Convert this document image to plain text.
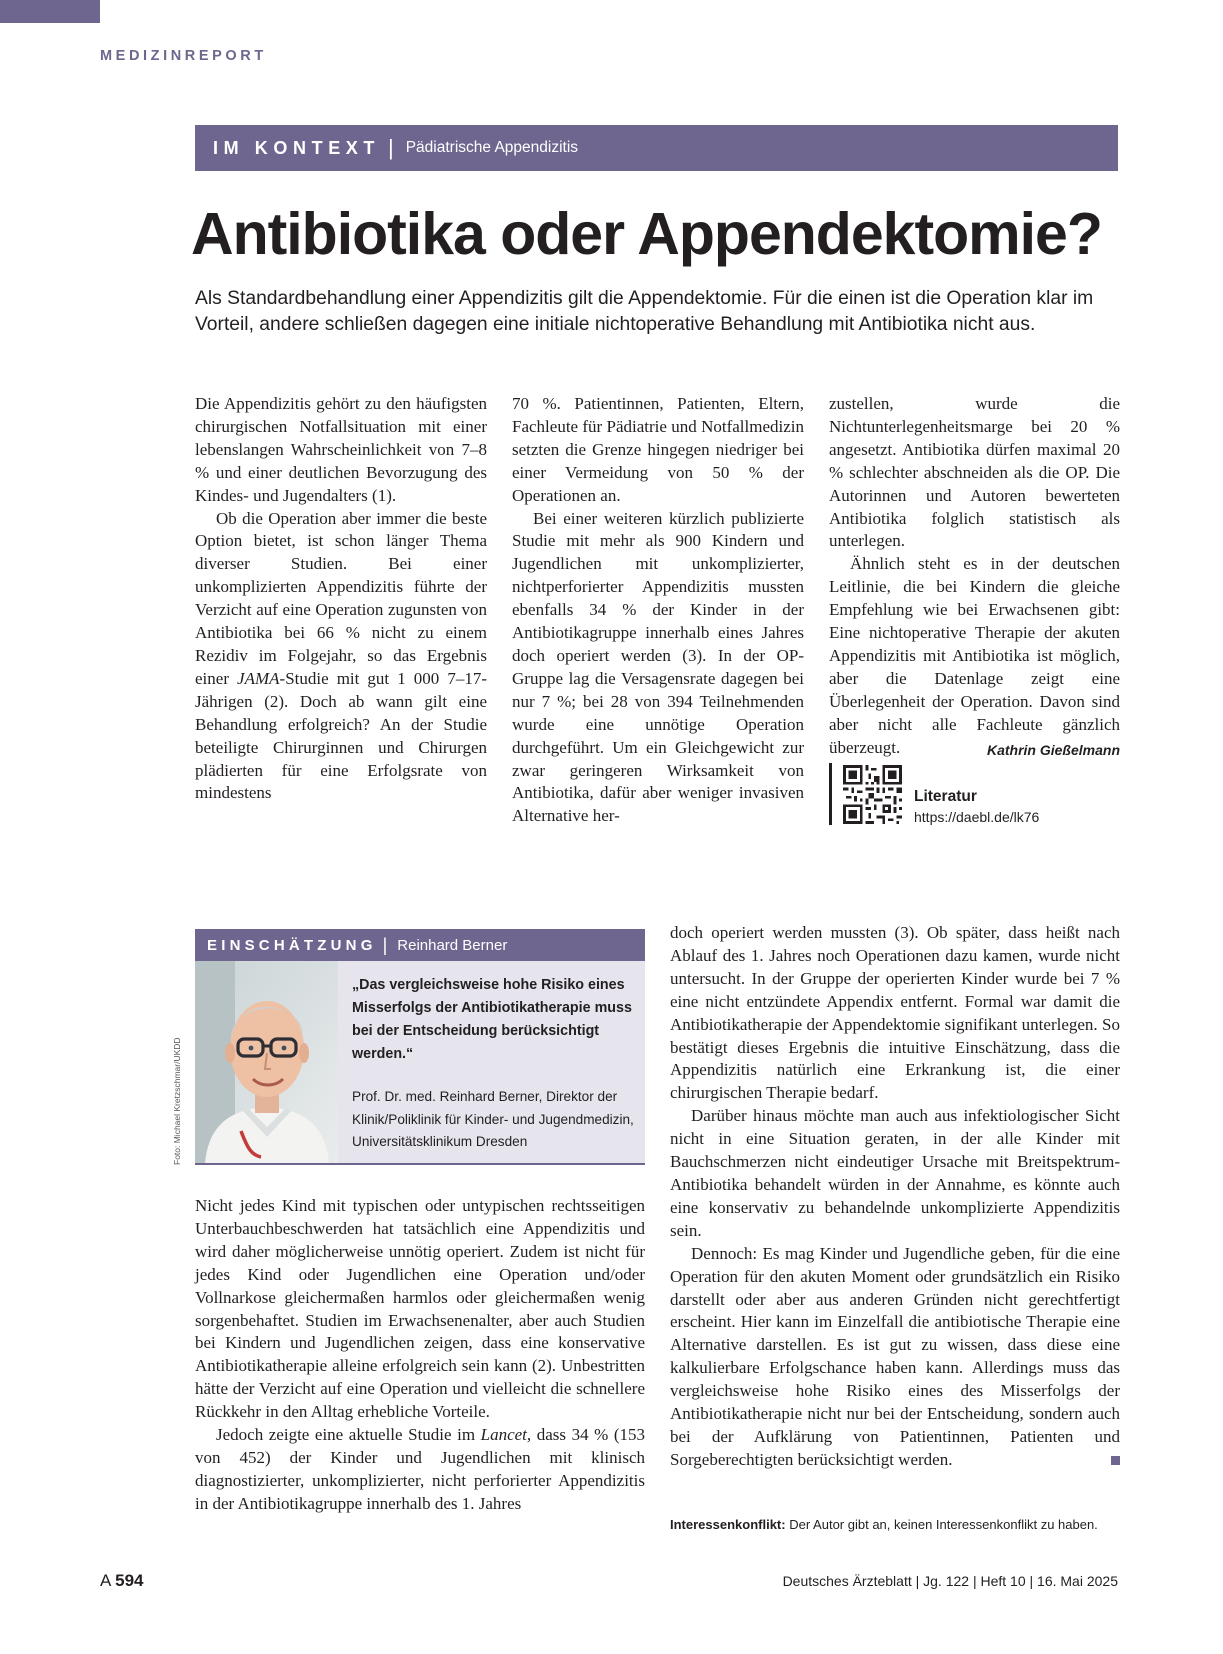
MEDIZINREPORT
IM KONTEXT | Pädiatrische Appendizitis
Antibiotika oder Appendektomie?
Als Standardbehandlung einer Appendizitis gilt die Appendektomie. Für die einen ist die Operation klar im Vorteil, andere schließen dagegen eine initiale nichtoperative Behandlung mit Antibiotika nicht aus.

Die Appendizitis gehört zu den häufigsten chirurgischen Notfallsituation mit einer lebenslangen Wahrscheinlichkeit von 7–8 % und einer deutlichen Bevorzugung des Kindes- und Jugendalters (1).

Ob die Operation aber immer die beste Option bietet, ist schon länger Thema diverser Studien. Bei einer unkomplizierten Appendizitis führte der Verzicht auf eine Operation zugunsten von Antibiotika bei 66 % nicht zu einem Rezidiv im Folgejahr, so das Ergebnis einer JAMA-Studie mit gut 1 000 7–17-Jährigen (2). Doch ab wann gilt eine Behandlung erfolgreich? An der Studie beteiligte Chirurginnen und Chirurgen plädierten für eine Erfolgsrate von mindestens

70 %. Patientinnen, Patienten, Eltern, Fachleute für Pädiatrie und Notfallmedizin setzten die Grenze hingegen niedriger bei einer Vermeidung von 50 % der Operationen an.

Bei einer weiteren kürzlich publizierte Studie mit mehr als 900 Kindern und Jugendlichen mit unkomplizierter, nichtperforierter Appendizitis mussten ebenfalls 34 % der Kinder in der Antibiotikagruppe innerhalb eines Jahres doch operiert werden (3). In der OP-Gruppe lag die Versagensrate dagegen bei nur 7 %; bei 28 von 394 Teilnehmenden wurde eine unnötige Operation durchgeführt. Um ein Gleichgewicht zur zwar geringeren Wirksamkeit von Antibiotika, dafür aber weniger invasiven Alternative her-

zustellen, wurde die Nichtunterlegenheitsmarge bei 20 % angesetzt. Antibiotika dürfen maximal 20 % schlechter abschneiden als die OP. Die Autorinnen und Autoren bewerteten Antibiotika folglich statistisch als unterlegen.

Ähnlich steht es in der deutschen Leitlinie, die bei Kindern die gleiche Empfehlung wie bei Erwachsenen gibt: Eine nichtoperative Therapie der akuten Appendizitis mit Antibiotika ist möglich, aber die Datenlage zeigt eine Überlegenheit der Operation. Davon sind aber nicht alle Fachleute gänzlich überzeugt.	Kathrin Gießelmann

Literatur
https://daebl.de/lk76
EINSCHÄTZUNG | Reinhard Berner
Foto: Michael Kretzschmar/UKDD
„Das vergleichsweise hohe Risiko eines Misserfolgs der Antibiotikatherapie muss bei der Entscheidung berücksichtigt werden.“
Prof. Dr. med. Reinhard Berner, Direktor der Klinik/Poliklinik für Kinder- und Jugendmedizin, Universitätsklinikum Dresden

Nicht jedes Kind mit typischen oder untypischen rechtsseitigen Unterbauchbeschwerden hat tatsächlich eine Appendizitis und wird daher möglicherweise unnötig operiert. Zudem ist nicht für jedes Kind oder Jugendlichen eine Operation und/oder Vollnarkose gleichermaßen harmlos oder gleichermaßen wenig sorgenbehaftet. Studien im Erwachsenenalter, aber auch Studien bei Kindern und Jugendlichen zeigen, dass eine konservative Antibiotikatherapie alleine erfolgreich sein kann (2). Unbestritten hätte der Verzicht auf eine Operation und vielleicht die schnellere Rückkehr in den Alltag erhebliche Vorteile.

Jedoch zeigte eine aktuelle Studie im Lancet, dass 34 % (153 von 452) der Kinder und Jugendlichen mit klinisch diagnostizierter, unkomplizierter, nicht perforierter Appendizitis in der Antibiotikagruppe innerhalb des 1. Jahres

doch operiert werden mussten (3). Ob später, dass heißt nach Ablauf des 1. Jahres noch Operationen dazu kamen, wurde nicht untersucht. In der Gruppe der operierten Kinder wurde bei 7 % eine nicht entzündete Appendix entfernt. Formal war damit die Antibiotikatherapie der Appendektomie signifikant unterlegen. So bestätigt dieses Ergebnis die intuitive Einschätzung, dass die Appendizitis natürlich eine Erkrankung ist, die einer chirurgischen Therapie bedarf.

Darüber hinaus möchte man auch aus infektiologischer Sicht nicht in eine Situation geraten, in der alle Kinder mit Bauchschmerzen nicht eindeutiger Ursache mit Breitspektrum-Antibiotika behandelt würden in der Annahme, es könnte auch eine konservativ zu behandelnde unkomplizierte Appendizitis sein.

Dennoch: Es mag Kinder und Jugendliche geben, für die eine Operation für den akuten Moment oder grundsätzlich ein Risiko darstellt oder aber aus anderen Gründen nicht gerechtfertigt erscheint. Hier kann im Einzelfall die antibiotische Therapie eine Alternative darstellen. Es ist gut zu wissen, dass diese eine kalkulierbare Erfolgschance haben kann. Allerdings muss das vergleichsweise hohe Risiko eines des Misserfolgs der Antibiotikatherapie nicht nur bei der Entscheidung, sondern auch bei der Aufklärung von Patientinnen, Patienten und Sorgeberechtigten berücksichtigt werden.

Interessenkonflikt: Der Autor gibt an, keinen Interessenkonflikt zu haben.
A 594	Deutsches Ärzteblatt | Jg. 122 | Heft 10 | 16. Mai 2025
